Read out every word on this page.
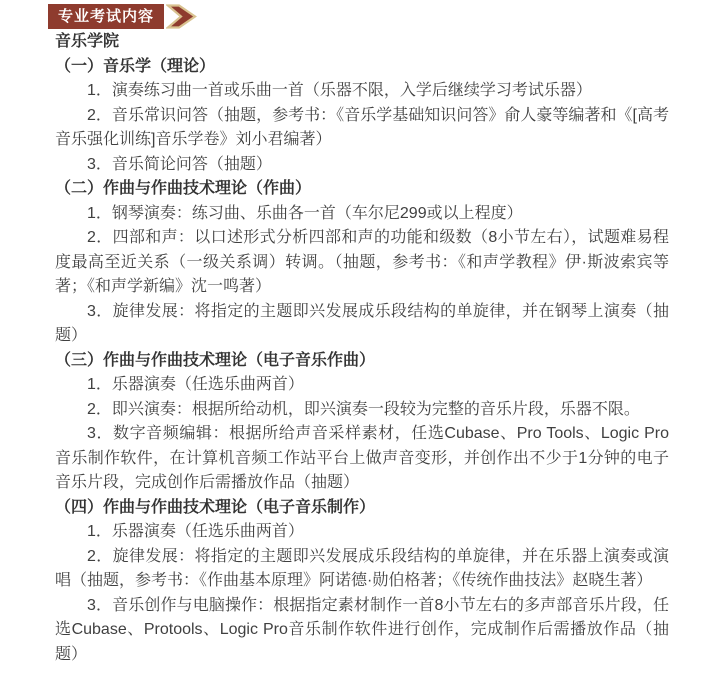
专业考试内容

音乐学院

（一）音乐学（理论）

1．演奏练习曲一首或乐曲一首（乐器不限，入学后继续学习考试乐器）

2．音乐常识问答（抽题，参考书：《音乐学基础知识问答》俞人豪等编著和《[高考音乐强化训练]音乐学卷》刘小君编著）

3．音乐简论问答（抽题）

（二）作曲与作曲技术理论（作曲）

1．钢琴演奏：练习曲、乐曲各一首（车尔尼299或以上程度）

2．四部和声：以口述形式分析四部和声的功能和级数（8小节左右），试题难易程度最高至近关系（一级关系调）转调。（抽题，参考书：《和声学教程》伊·斯波索宾等著；《和声学新编》沈一鸣著）

3．旋律发展：将指定的主题即兴发展成乐段结构的单旋律，并在钢琴上演奏（抽题）

（三）作曲与作曲技术理论（电子音乐作曲）

1．乐器演奏（任选乐曲两首）

2．即兴演奏：根据所给动机，即兴演奏一段较为完整的音乐片段，乐器不限。

3．数字音频编辑：根据所给声音采样素材，任选Cubase、Pro Tools、Logic Pro音乐制作软件，在计算机音频工作站平台上做声音变形，并创作出不少于1分钟的电子音乐片段，完成创作后需播放作品（抽题）

（四）作曲与作曲技术理论（电子音乐制作）

1．乐器演奏（任选乐曲两首）

2．旋律发展：将指定的主题即兴发展成乐段结构的单旋律，并在乐器上演奏或演唱（抽题，参考书：《作曲基本原理》阿诺德·勋伯格著；《传统作曲技法》赵晓生著）

3．音乐创作与电脑操作：根据指定素材制作一首8小节左右的多声部音乐片段，任选Cubase、Protools、Logic Pro音乐制作软件进行创作，完成制作后需播放作品（抽题）
